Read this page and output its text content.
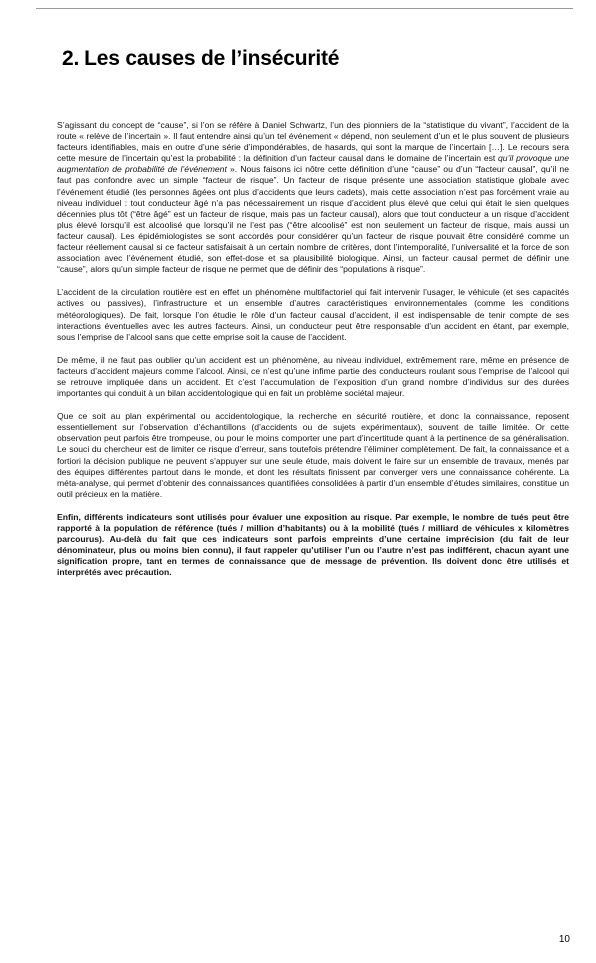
2. Les causes de l’insécurité

S’agissant du concept de “cause”, si l’on se réfère à Daniel Schwartz, l’un des pionniers de la “statistique du vivant”, l’accident de la route « relève de l’incertain ». Il faut entendre ainsi qu’un tel événement « dépend, non seulement d’un et le plus souvent de plusieurs facteurs identifiables, mais en outre d’une série d’impondérables, de hasards, qui sont la marque de l’incertain […]. Le recours sera cette mesure de l’incertain qu’est la probabilité : la définition d’un facteur causal dans le domaine de l’incertain est qu’il provoque une augmentation de probabilité de l’événement ». Nous faisons ici nôtre cette définition d’une “cause” ou d’un “facteur causal”, qu’il ne faut pas confondre avec un simple “facteur de risque”. Un facteur de risque présente une association statistique globale avec l’événement étudié (les personnes âgées ont plus d’accidents que leurs cadets), mais cette association n’est pas forcément vraie au niveau individuel : tout conducteur âgé n’a pas nécessairement un risque d’accident plus élevé que celui qui était le sien quelques décennies plus tôt (“être âgé” est un facteur de risque, mais pas un facteur causal), alors que tout conducteur a un risque d’accident plus élevé lorsqu’il est alcoolisé que lorsqu’il ne l’est pas (“être alcoolisé” est non seulement un facteur de risque, mais aussi un facteur causal). Les épidémiologistes se sont accordés pour considérer qu’un facteur de risque pouvait être considéré comme un facteur réellement causal si ce facteur satisfaisait à un certain nombre de critères, dont l’intemporalité, l’universalité et la force de son association avec l’événement étudié, son effet-dose et sa plausibilité biologique. Ainsi, un facteur causal permet de définir une “cause”, alors qu’un simple facteur de risque ne permet que de définir des “populations à risque”.

L’accident de la circulation routière est en effet un phénomène multifactoriel qui fait intervenir l’usager, le véhicule (et ses capacités actives ou passives), l’infrastructure et un ensemble d’autres caractéristiques environnementales (comme les conditions météorologiques). De fait, lorsque l’on étudie le rôle d’un facteur causal d’accident, il est indispensable de tenir compte de ses interactions éventuelles avec les autres facteurs. Ainsi, un conducteur peut être responsable d’un accident en étant, par exemple, sous l’emprise de l’alcool sans que cette emprise soit la cause de l’accident.

De même, il ne faut pas oublier qu’un accident est un phénomène, au niveau individuel, extrêmement rare, même en présence de facteurs d’accident majeurs comme l’alcool. Ainsi, ce n’est qu’une infime partie des conducteurs roulant sous l’emprise de l’alcool qui se retrouve impliquée dans un accident. Et c’est l’accumulation de l’exposition d’un grand nombre d’individus sur des durées importantes qui conduit à un bilan accidentologique qui en fait un problème sociétal majeur.

Que ce soit au plan expérimental ou accidentologique, la recherche en sécurité routière, et donc la connaissance, reposent essentiellement sur l’observation d’échantillons (d’accidents ou de sujets expérimentaux), souvent de taille limitée. Or cette observation peut parfois être trompeuse, ou pour le moins comporter une part d’incertitude quant à la pertinence de sa généralisation. Le souci du chercheur est de limiter ce risque d’erreur, sans toutefois prétendre l’éliminer complètement. De fait, la connaissance et a fortiori la décision publique ne peuvent s’appuyer sur une seule étude, mais doivent le faire sur un ensemble de travaux, menés par des équipes différentes partout dans le monde, et dont les résultats finissent par converger vers une connaissance cohérente. La méta-analyse, qui permet d’obtenir des connaissances quantifiées consolidées à partir d’un ensemble d’études similaires, constitue un outil précieux en la matière.

Enfin, différents indicateurs sont utilisés pour évaluer une exposition au risque. Par exemple, le nombre de tués peut être rapporté à la population de référence (tués / million d’habitants) ou à la mobilité (tués / milliard de véhicules x kilomètres parcourus). Au-delà du fait que ces indicateurs sont parfois empreints d’une certaine imprécision (du fait de leur dénominateur, plus ou moins bien connu), il faut rappeler qu’utiliser l’un ou l’autre n’est pas indifférent, chacun ayant une signification propre, tant en termes de connaissance que de message de prévention. Ils doivent donc être utilisés et interprétés avec précaution.

10
